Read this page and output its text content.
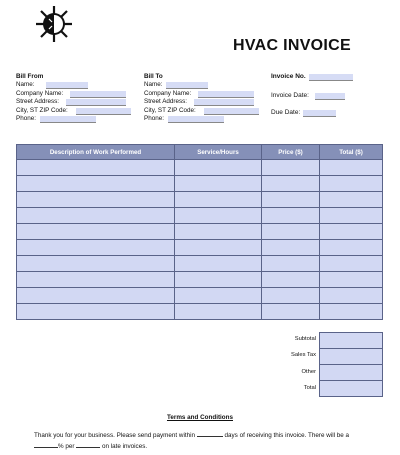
HVAC INVOICE
Bill From
Name:
Company Name:
Street Address:
City, ST ZIP Code:
Phone:
Bill To
Name:
Company Name:
Street Address:
City, ST ZIP Code:
Phone:
Invoice No.
Invoice Date:
Due Date:
Description of Work Performed	Service/Hours	Price ($)	Total ($)

Subtotal
Sales Tax
Other
Total
Terms and Conditions
Thank you for your business. Please send payment within	days of receiving this invoice. There will be a % per	on late invoices.
